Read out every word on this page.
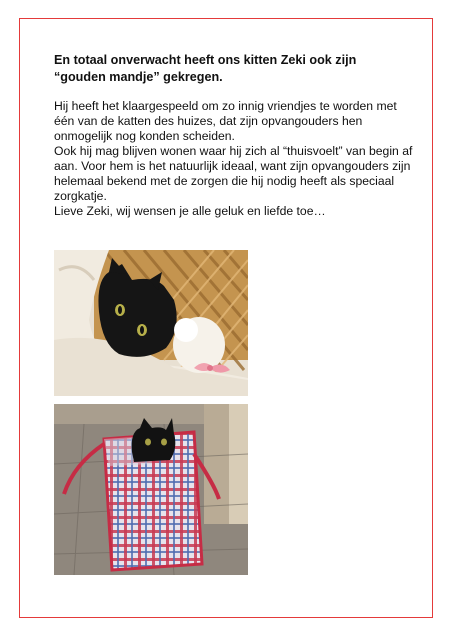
En totaal onverwacht heeft ons kitten Zeki ook zijn
“gouden mandje” gekregen.

Hij heeft het klaargespeeld om zo innig vriendjes te worden met één van de katten des huizes, dat zijn opvangouders hen onmogelijk nog konden scheiden.

Ook hij mag blijven wonen waar hij zich al “thuisvoelt” van begin af aan. Voor hem is het natuurlijk ideaal, want zijn opvangouders zijn helemaal bekend met de zorgen die hij nodig heeft als speciaal zorgkatje.

Lieve Zeki, wij wensen je alle geluk en liefde toe…
